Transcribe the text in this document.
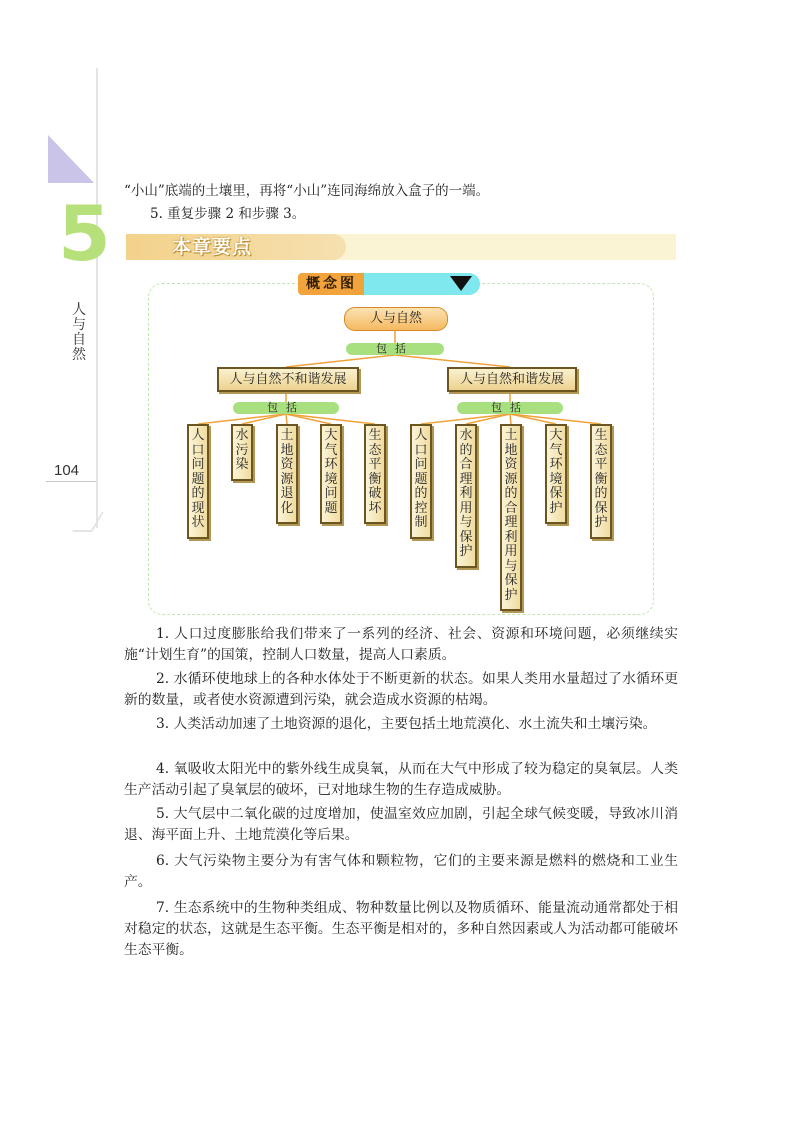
5
人与自然
104
“小山”底端的土壤里，再将“小山”连同海绵放入盒子的一端。
5. 重复步骤 2 和步骤 3。
本章要点
概念图
人与自然
包括
人与自然不和谐发展	人与自然和谐发展
包括	包括
人口问题的现状
水污染
土地资源退化
大气环境问题
生态平衡破坏
人口问题的控制
水的合理利用与保护
土地资源的合理利用与保护
大气环境保护
生态平衡的保护
1. 人口过度膨胀给我们带来了一系列的经济、社会、资源和环境问题，必须继续实施“计划生育”的国策，控制人口数量，提高人口素质。
2. 水循环使地球上的各种水体处于不断更新的状态。如果人类用水量超过了水循环更新的数量，或者使水资源遭到污染，就会造成水资源的枯竭。
3. 人类活动加速了土地资源的退化，主要包括土地荒漠化、水土流失和土壤污染。
4. 氧吸收太阳光中的紫外线生成臭氧，从而在大气中形成了较为稳定的臭氧层。人类生产活动引起了臭氧层的破坏，已对地球生物的生存造成威胁。
5. 大气层中二氧化碳的过度增加，使温室效应加剧，引起全球气候变暖，导致冰川消退、海平面上升、土地荒漠化等后果。
6. 大气污染物主要分为有害气体和颗粒物，它们的主要来源是燃料的燃烧和工业生产。
7. 生态系统中的生物种类组成、物种数量比例以及物质循环、能量流动通常都处于相对稳定的状态，这就是生态平衡。生态平衡是相对的，多种自然因素或人为活动都可能破坏生态平衡。
